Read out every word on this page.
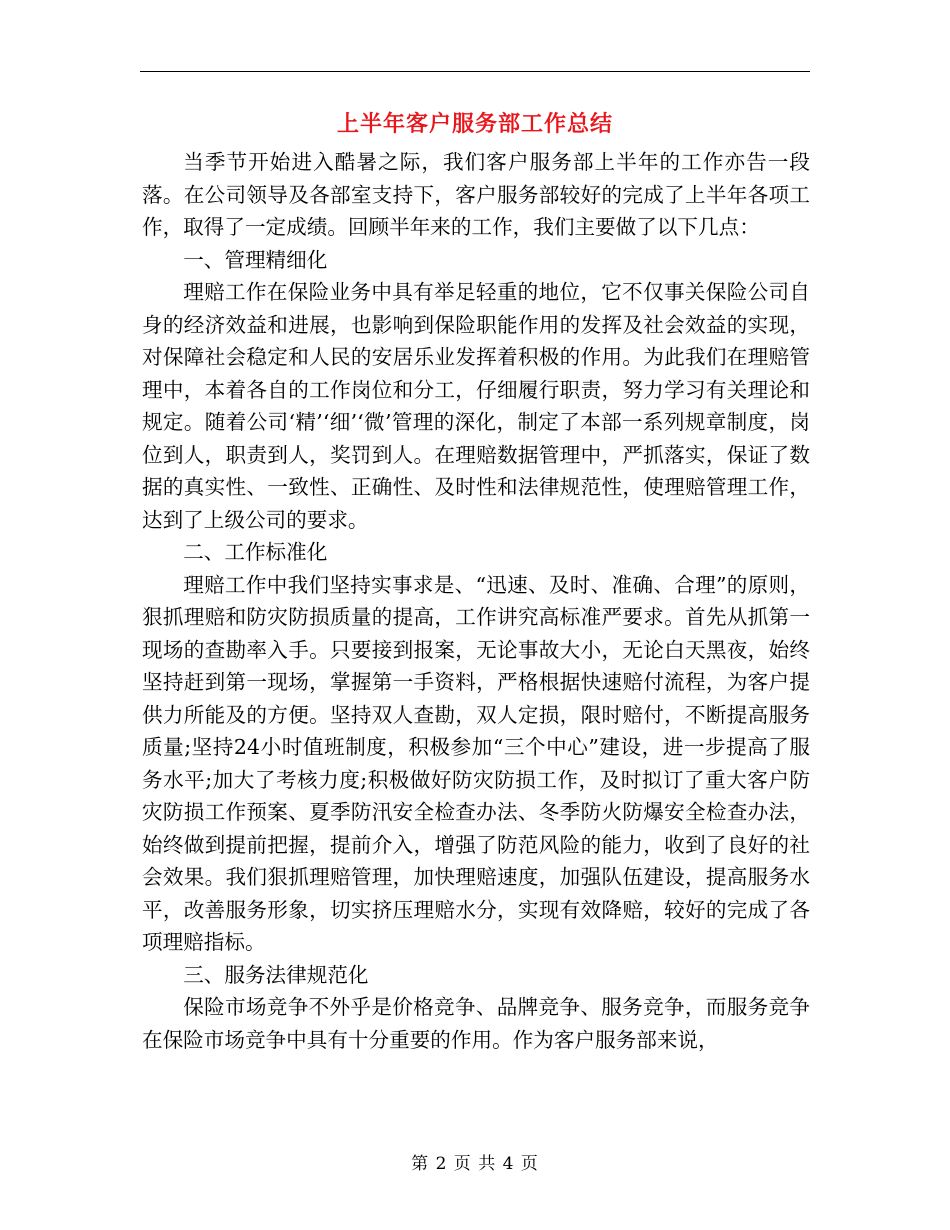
上半年客户服务部工作总结

当季节开始进入酷暑之际，我们客户服务部上半年的工作亦告一段落。在公司领导及各部室支持下，客户服务部较好的完成了上半年各项工作，取得了一定成绩。回顾半年来的工作，我们主要做了以下几点：

一、管理精细化

理赔工作在保险业务中具有举足轻重的地位，它不仅事关保险公司自身的经济效益和进展，也影响到保险职能作用的发挥及社会效益的实现，对保障社会稳定和人民的安居乐业发挥着积极的作用。为此我们在理赔管理中，本着各自的工作岗位和分工，仔细履行职责，努力学习有关理论和规定。随着公司‘精’‘细’‘微’管理的深化，制定了本部一系列规章制度，岗位到人，职责到人，奖罚到人。在理赔数据管理中，严抓落实，保证了数据的真实性、一致性、正确性、及时性和法律规范性，使理赔管理工作，达到了上级公司的要求。

二、工作标准化

理赔工作中我们坚持实事求是、“迅速、及时、准确、合理”的原则，狠抓理赔和防灾防损质量的提高，工作讲究高标准严要求。首先从抓第一现场的查勘率入手。只要接到报案，无论事故大小，无论白天黑夜，始终坚持赶到第一现场，掌握第一手资料，严格根据快速赔付流程，为客户提供力所能及的方便。坚持双人查勘，双人定损，限时赔付，不断提高服务质量;坚持24小时值班制度，积极参加“三个中心”建设，进一步提高了服务水平;加大了考核力度;积极做好防灾防损工作，及时拟订了重大客户防灾防损工作预案、夏季防汛安全检查办法、冬季防火防爆安全检查办法，始终做到提前把握，提前介入，增强了防范风险的能力，收到了良好的社会效果。我们狠抓理赔管理，加快理赔速度，加强队伍建设，提高服务水平，改善服务形象，切实挤压理赔水分，实现有效降赔，较好的完成了各项理赔指标。

三、服务法律规范化

保险市场竞争不外乎是价格竞争、品牌竞争、服务竞争，而服务竞争在保险市场竞争中具有十分重要的作用。作为客户服务部来说，

第 2 页 共 4 页
